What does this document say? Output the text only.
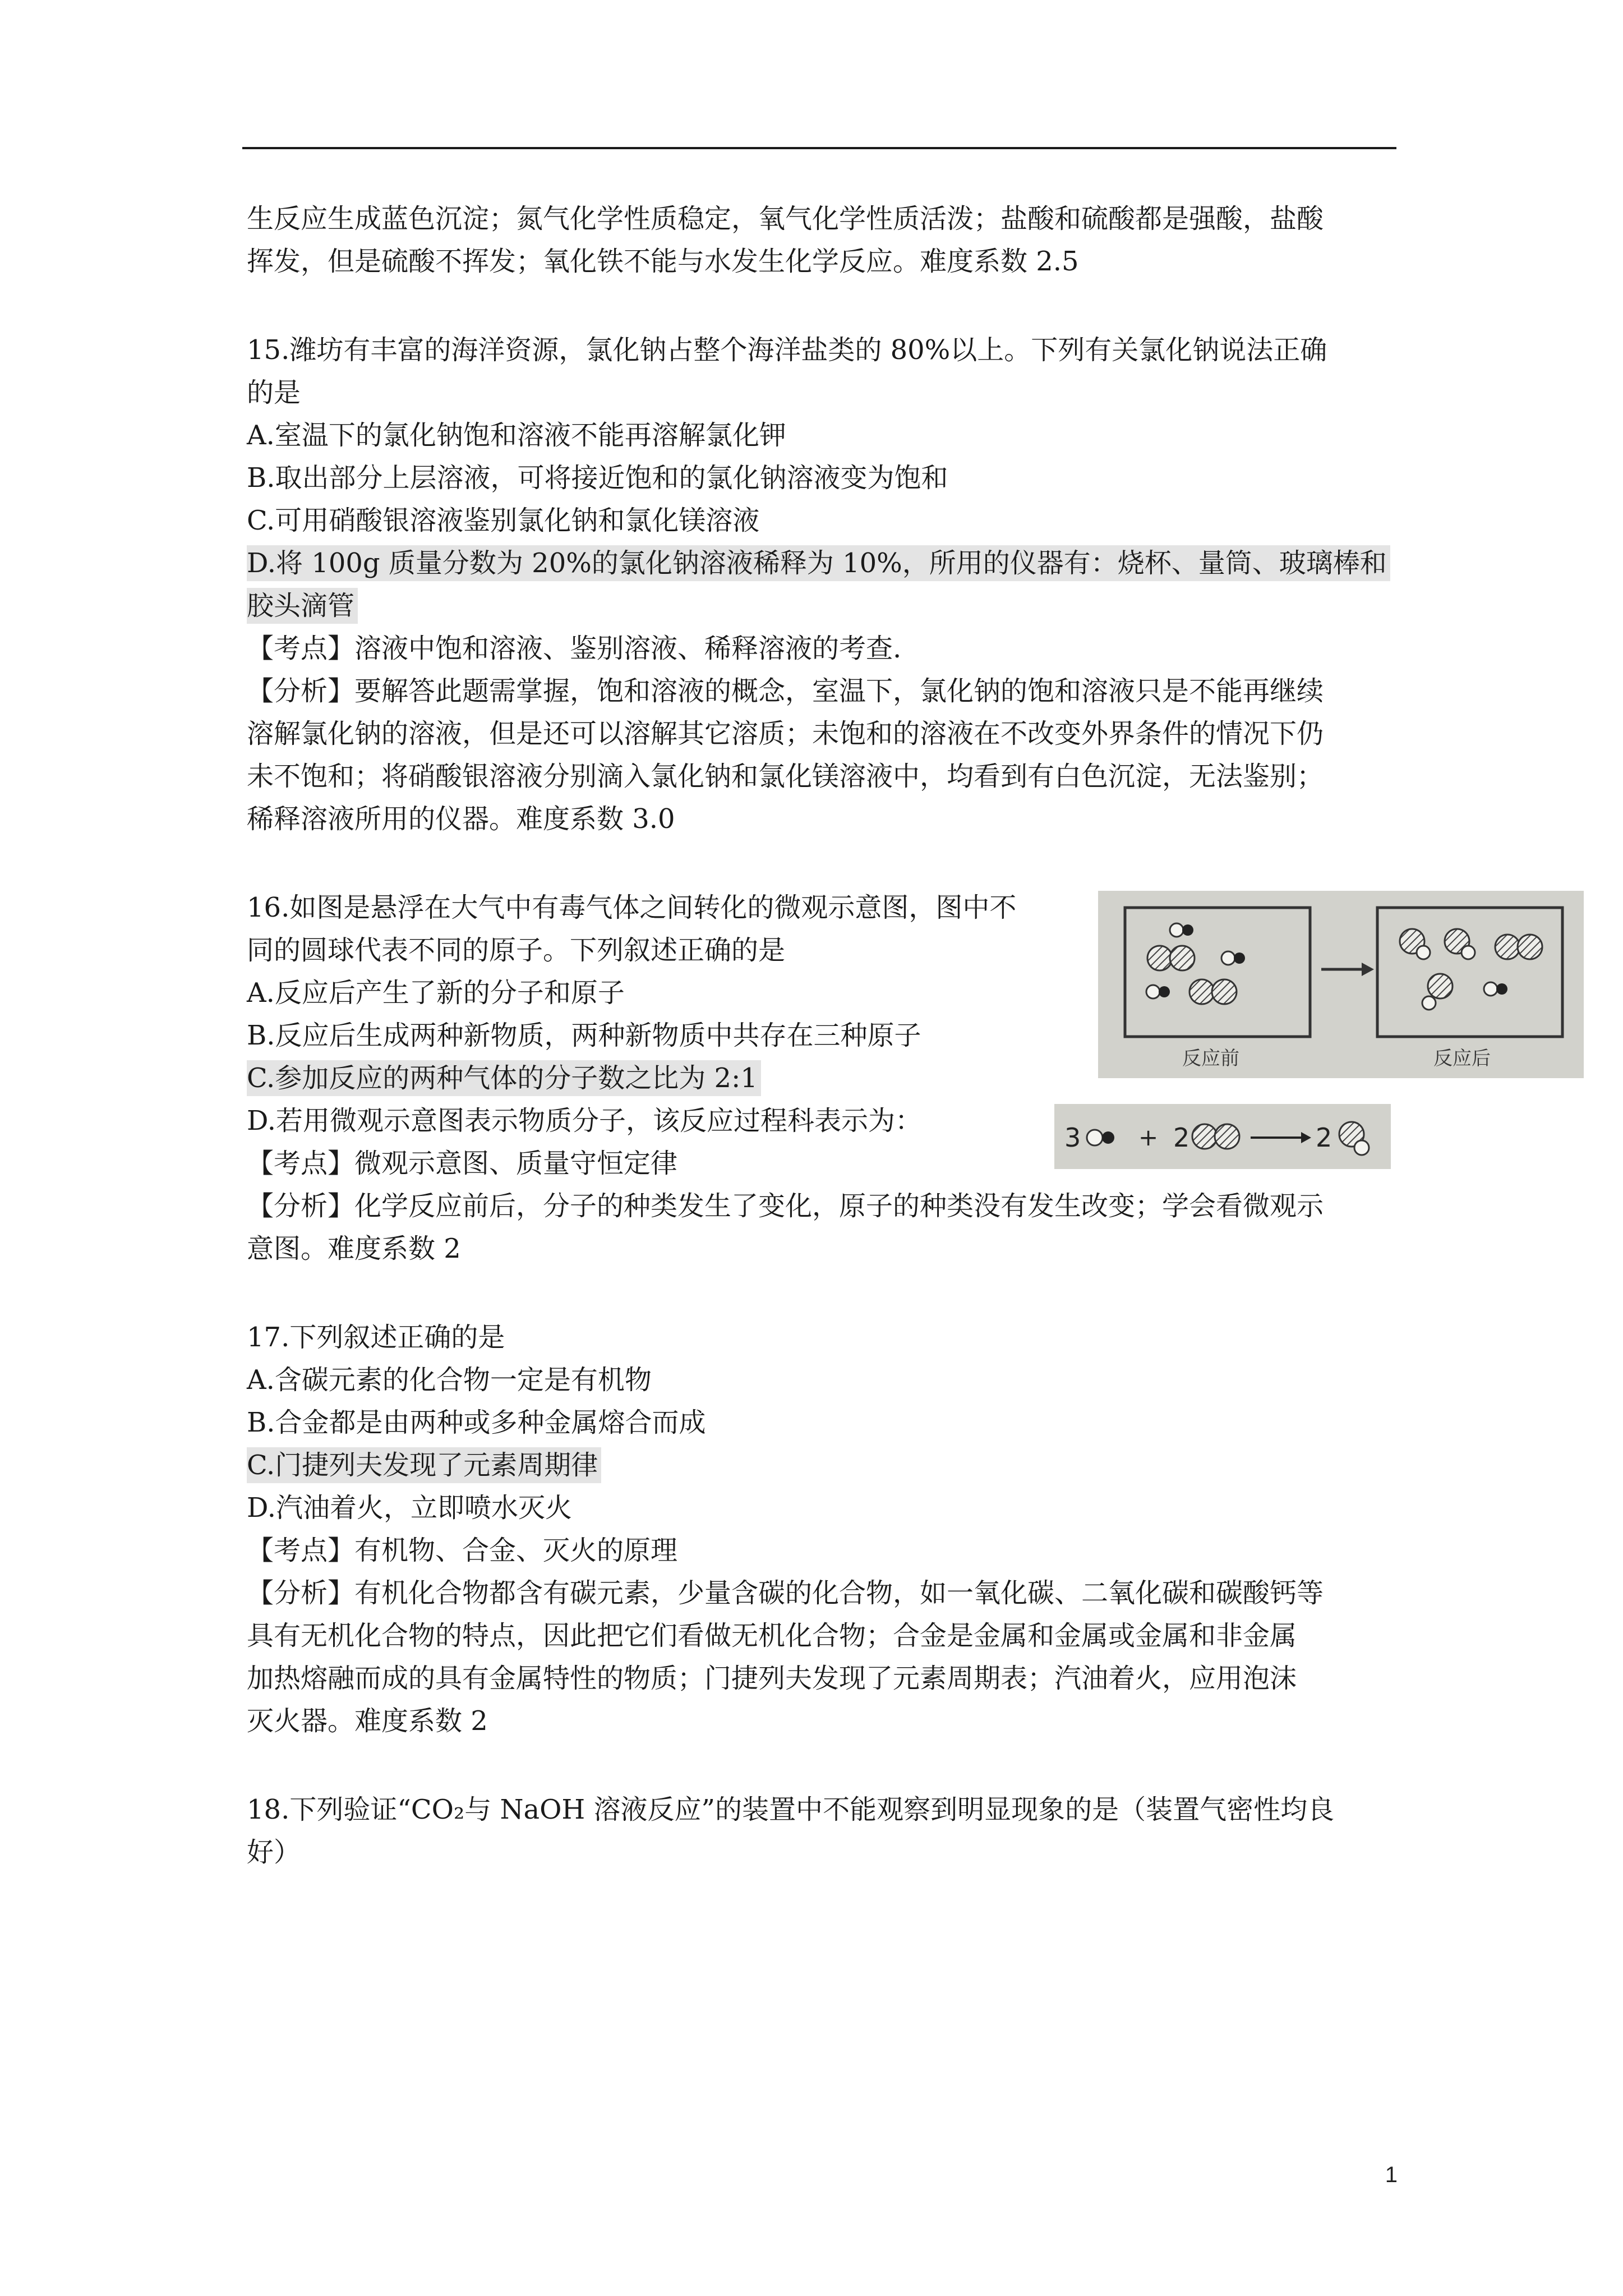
生反应生成蓝色沉淀；氮气化学性质稳定，氧气化学性质活泼；盐酸和硫酸都是强酸，盐酸
挥发，但是硫酸不挥发；氧化铁不能与水发生化学反应。难度系数 2.5
15.潍坊有丰富的海洋资源，氯化钠占整个海洋盐类的 80%以上。下列有关氯化钠说法正确
的是
A.室温下的氯化钠饱和溶液不能再溶解氯化钾
B.取出部分上层溶液，可将接近饱和的氯化钠溶液变为饱和
C.可用硝酸银溶液鉴别氯化钠和氯化镁溶液
D.将 100g 质量分数为 20%的氯化钠溶液稀释为 10%，所用的仪器有：烧杯、量筒、玻璃棒和
胶头滴管
【考点】溶液中饱和溶液、鉴别溶液、稀释溶液的考查.
【分析】要解答此题需掌握，饱和溶液的概念，室温下，氯化钠的饱和溶液只是不能再继续
溶解氯化钠的溶液，但是还可以溶解其它溶质；未饱和的溶液在不改变外界条件的情况下仍
未不饱和；将硝酸银溶液分别滴入氯化钠和氯化镁溶液中，均看到有白色沉淀，无法鉴别；
稀释溶液所用的仪器。难度系数 3.0
16.如图是悬浮在大气中有毒气体之间转化的微观示意图，图中不
同的圆球代表不同的原子。下列叙述正确的是
A.反应后产生了新的分子和原子
B.反应后生成两种新物质，两种新物质中共存在三种原子
C.参加反应的两种气体的分子数之比为 2:1
D.若用微观示意图表示物质分子，该反应过程科表示为：
【考点】微观示意图、质量守恒定律
【分析】化学反应前后，分子的种类发生了变化，原子的种类没有发生改变；学会看微观示
意图。难度系数 2
17.下列叙述正确的是
A.含碳元素的化合物一定是有机物
B.合金都是由两种或多种金属熔合而成
C.门捷列夫发现了元素周期律
D.汽油着火，立即喷水灭火
【考点】有机物、合金、灭火的原理
【分析】有机化合物都含有碳元素，少量含碳的化合物，如一氧化碳、二氧化碳和碳酸钙等
具有无机化合物的特点，因此把它们看做无机化合物；合金是金属和金属或金属和非金属
加热熔融而成的具有金属特性的物质；门捷列夫发现了元素周期表；汽油着火，应用泡沫
灭火器。难度系数 2
18.下列验证“CO₂与 NaOH 溶液反应”的装置中不能观察到明显现象的是（装置气密性均良
好）
反应前	反应后
3 + 2	2
1
